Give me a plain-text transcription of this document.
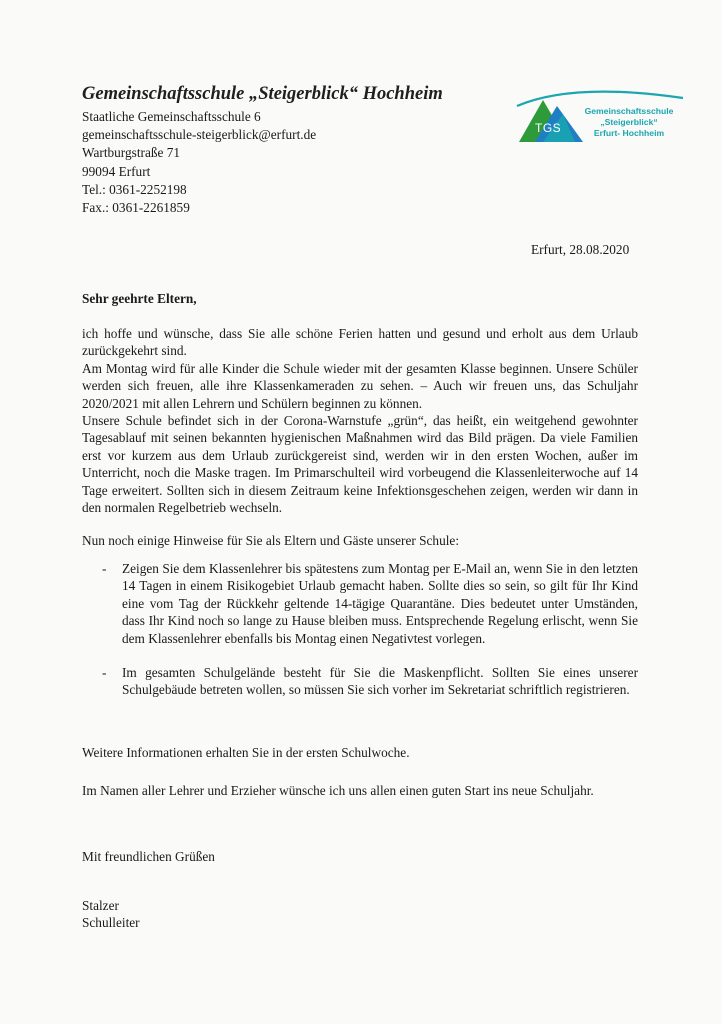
Gemeinschaftsschule „Steigerblick“ Hochheim
Staatliche Gemeinschaftsschule 6
gemeinschaftsschule-steigerblick@erfurt.de
Wartburgstraße 71
99094 Erfurt
Tel.: 0361-2252198
Fax.: 0361-2261859
TGS
Gemeinschaftsschule
„Steigerblick“
Erfurt- Hochheim
Erfurt, 28.08.2020
Sehr geehrte Eltern,
ich hoffe und wünsche, dass Sie alle schöne Ferien hatten und gesund und erholt aus dem Urlaub zurückgekehrt sind.
Am Montag wird für alle Kinder die Schule wieder mit der gesamten Klasse beginnen. Unsere Schüler werden sich freuen, alle ihre Klassenkameraden zu sehen. – Auch wir freuen uns, das Schuljahr 2020/2021 mit allen Lehrern und Schülern beginnen zu können.
Unsere Schule befindet sich in der Corona-Warnstufe „grün“, das heißt, ein weitgehend gewohnter Tagesablauf mit seinen bekannten hygienischen Maßnahmen wird das Bild prägen. Da viele Familien erst vor kurzem aus dem Urlaub zurückgereist sind, werden wir in den ersten Wochen, außer im Unterricht, noch die Maske tragen. Im Primarschulteil wird vorbeugend die Klassenleiterwoche auf 14 Tage erweitert. Sollten sich in diesem Zeitraum keine Infektionsgeschehen zeigen, werden wir dann in den normalen Regelbetrieb wechseln.
Nun noch einige Hinweise für Sie als Eltern und Gäste unserer Schule:
- Zeigen Sie dem Klassenlehrer bis spätestens zum Montag per E-Mail an, wenn Sie in den letzten 14 Tagen in einem Risikogebiet Urlaub gemacht haben. Sollte dies so sein, so gilt für Ihr Kind eine vom Tag der Rückkehr geltende 14-tägige Quarantäne. Dies bedeutet unter Umständen, dass Ihr Kind noch so lange zu Hause bleiben muss. Entsprechende Regelung erlischt, wenn Sie dem Klassenlehrer ebenfalls bis Montag einen Negativtest vorlegen.
- Im gesamten Schulgelände besteht für Sie die Maskenpflicht. Sollten Sie eines unserer Schulgebäude betreten wollen, so müssen Sie sich vorher im Sekretariat schriftlich registrieren.
Weitere Informationen erhalten Sie in der ersten Schulwoche.
Im Namen aller Lehrer und Erzieher wünsche ich uns allen einen guten Start ins neue Schuljahr.
Mit freundlichen Grüßen
Stalzer
Schulleiter
